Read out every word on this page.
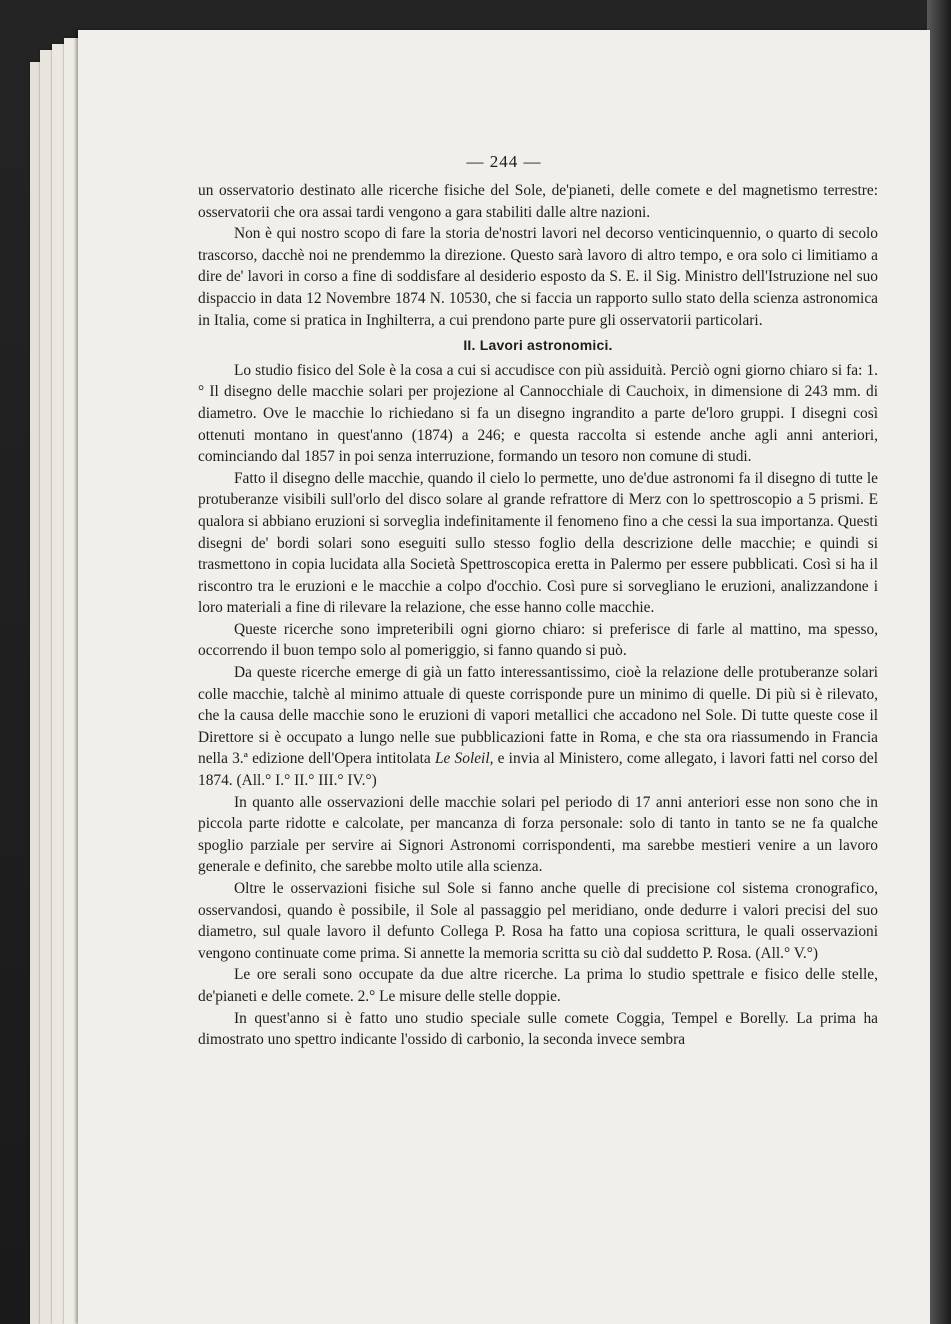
— 244 —

un osservatorio destinato alle ricerche fisiche del Sole, de'pianeti, delle comete e del magnetismo terrestre: osservatorii che ora assai tardi vengono a gara stabiliti dalle altre nazioni.

Non è qui nostro scopo di fare la storia de'nostri lavori nel decorso venticinquennio, o quarto di secolo trascorso, dacchè noi ne prendemmo la direzione. Questo sarà lavoro di altro tempo, e ora solo ci limitiamo a dire de' lavori in corso a fine di soddisfare al desiderio esposto da S. E. il Sig. Ministro dell'Istruzione nel suo dispaccio in data 12 Novembre 1874 N. 10530, che si faccia un rapporto sullo stato della scienza astronomica in Italia, come si pratica in Inghilterra, a cui prendono parte pure gli osservatorii particolari.

II. Lavori astronomici.

Lo studio fisico del Sole è la cosa a cui si accudisce con più assiduità. Perciò ogni giorno chiaro si fa: 1.° Il disegno delle macchie solari per projezione al Cannocchiale di Cauchoix, in dimensione di 243 mm. di diametro. Ove le macchie lo richiedano si fa un disegno ingrandito a parte de'loro gruppi. I disegni così ottenuti montano in quest'anno (1874) a 246; e questa raccolta si estende anche agli anni anteriori, cominciando dal 1857 in poi senza interruzione, formando un tesoro non comune di studi.

Fatto il disegno delle macchie, quando il cielo lo permette, uno de'due astronomi fa il disegno di tutte le protuberanze visibili sull'orlo del disco solare al grande refrattore di Merz con lo spettroscopio a 5 prismi. E qualora si abbiano eruzioni si sorveglia indefinitamente il fenomeno fino a che cessi la sua importanza. Questi disegni de' bordi solari sono eseguiti sullo stesso foglio della descrizione delle macchie; e quindi si trasmettono in copia lucidata alla Società Spettroscopica eretta in Palermo per essere pubblicati. Così si ha il riscontro tra le eruzioni e le macchie a colpo d'occhio. Così pure si sorvegliano le eruzioni, analizzandone i loro materiali a fine di rilevare la relazione, che esse hanno colle macchie.

Queste ricerche sono impreteribili ogni giorno chiaro: si preferisce di farle al mattino, ma spesso, occorrendo il buon tempo solo al pomeriggio, si fanno quando si può.

Da queste ricerche emerge di già un fatto interessantissimo, cioè la relazione delle protuberanze solari colle macchie, talchè al minimo attuale di queste corrisponde pure un minimo di quelle. Di più si è rilevato, che la causa delle macchie sono le eruzioni di vapori metallici che accadono nel Sole. Di tutte queste cose il Direttore si è occupato a lungo nelle sue pubblicazioni fatte in Roma, e che sta ora riassumendo in Francia nella 3.ª edizione dell'Opera intitolata Le Soleil, e invia al Ministero, come allegato, i lavori fatti nel corso del 1874. (All.° I.° II.° III.° IV.°)

In quanto alle osservazioni delle macchie solari pel periodo di 17 anni anteriori esse non sono che in piccola parte ridotte e calcolate, per mancanza di forza personale: solo di tanto in tanto se ne fa qualche spoglio parziale per servire ai Signori Astronomi corrispondenti, ma sarebbe mestieri venire a un lavoro generale e definito, che sarebbe molto utile alla scienza.

Oltre le osservazioni fisiche sul Sole si fanno anche quelle di precisione col sistema cronografico, osservandosi, quando è possibile, il Sole al passaggio pel meridiano, onde dedurre i valori precisi del suo diametro, sul quale lavoro il defunto Collega P. Rosa ha fatto una copiosa scrittura, le quali osservazioni vengono continuate come prima. Si annette la memoria scritta su ciò dal suddetto P. Rosa. (All.° V.°)

Le ore serali sono occupate da due altre ricerche. La prima lo studio spettrale e fisico delle stelle, de'pianeti e delle comete. 2.° Le misure delle stelle doppie.

In quest'anno si è fatto uno studio speciale sulle comete Coggia, Tempel e Borelly. La prima ha dimostrato uno spettro indicante l'ossido di carbonio, la seconda invece sembra
